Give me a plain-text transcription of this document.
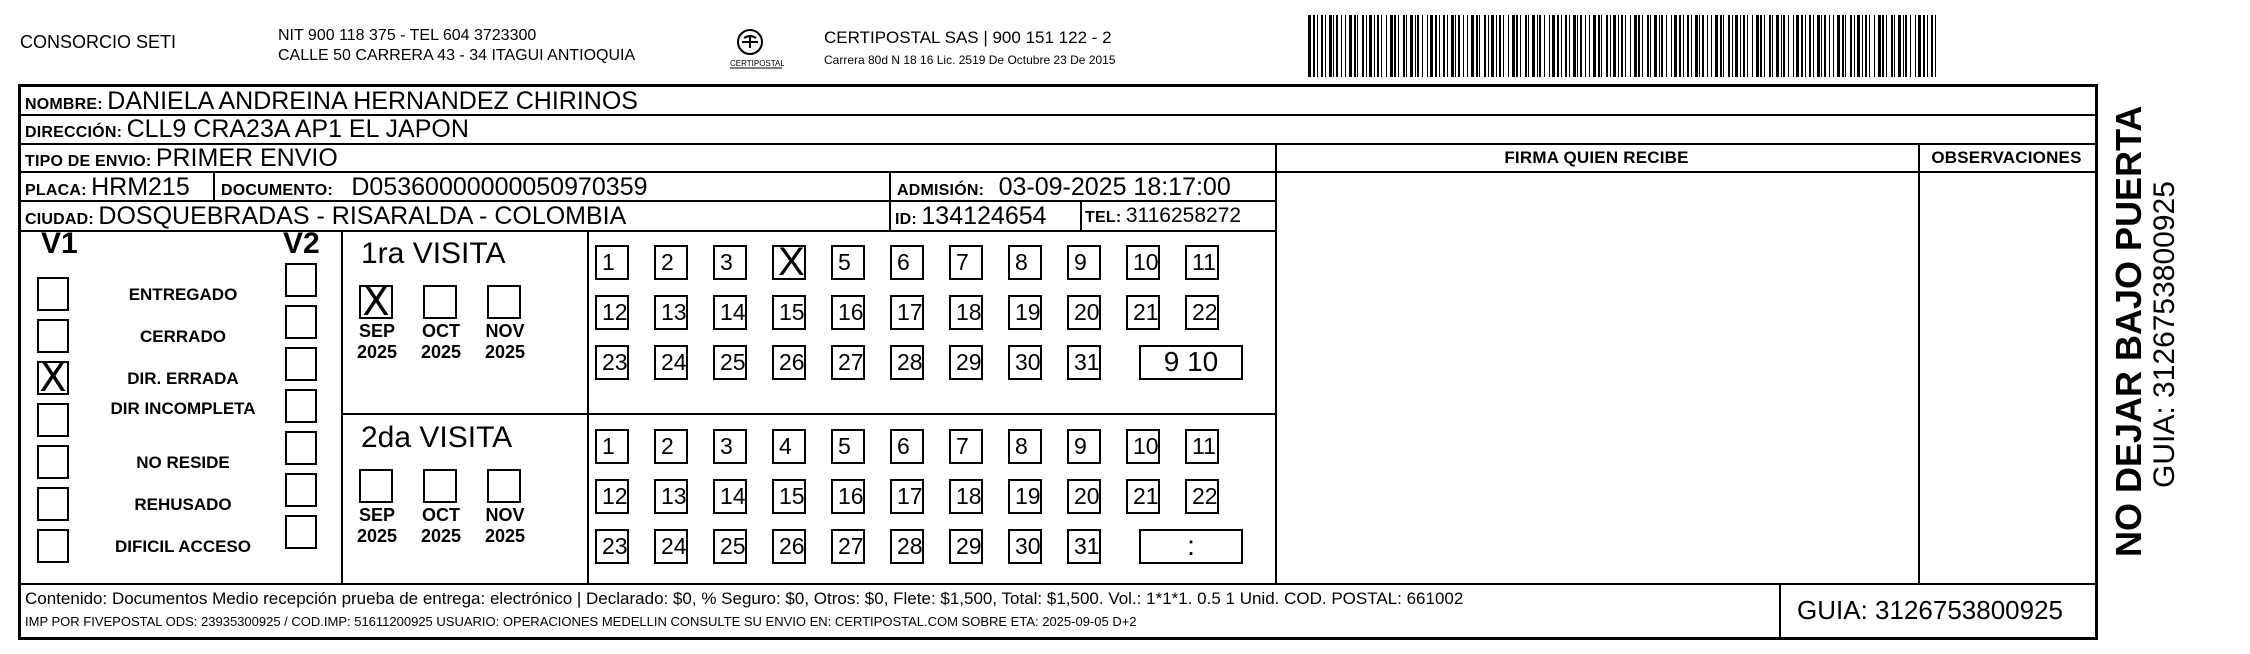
CONSORCIO SETI	NIT 900 118 375 - TEL 604 3723300
CALLE 50 CARRERA 43 - 34 ITAGUI ANTIOQUIA	CERTIPOSTAL
CERTIPOSTAL SAS | 900 151 122 - 2
Carrera 80d N 18 16 Lic. 2519 De Octubre 23 De 2015
NOMBRE: DANIELA ANDREINA HERNANDEZ CHIRINOS
DIRECCIÓN: CLL9 CRA23A AP1 EL JAPON
TIPO DE ENVIO: PRIMER ENVIO	FIRMA QUIEN RECIBE	OBSERVACIONES
PLACA: HRM215 DOCUMENTO: D05360000000050970359	ADMISIÓN: 03-09-2025 18:17:00
CIUDAD: DOSQUEBRADAS - RISARALDA - COLOMBIA	ID: 134124654 TEL: 3116258272
V1	V2
ENTREGADO
CERRADO
X	DIR. ERRADA
DIR INCOMPLETA
NO RESIDE
REHUSADO
DIFICIL ACCESO
1ra VISITA
X
SEP
2025
OCT
2025
NOV
2025
1	2	3	X	5	6	7	8	9	10	11
12	13	14	15	16	17	18	19	20	21	22
23	24	25	26	27	28	29	30	31	9 10
2da VISITA
SEP
2025
OCT
2025
NOV
2025
1	2	3	4	5	6	7	8	9	10	11
12	13	14	15	16	17	18	19	20	21	22
23	24	25	26	27	28	29	30	31	:
Contenido: Documentos Medio recepción prueba de entrega: electrónico | Declarado: $0, % Seguro: $0, Otros: $0, Flete: $1,500, Total: $1,500. Vol.: 1*1*1. 0.5 1 Unid. COD. POSTAL: 661002
IMP POR FIVEPOSTAL ODS: 23935300925 / COD.IMP: 51611200925 USUARIO: OPERACIONES MEDELLIN CONSULTE SU ENVIO EN: CERTIPOSTAL.COM SOBRE ETA: 2025-09-05 D+2	GUIA: 3126753800925
NO DEJAR BAJO PUERTA GUIA: 3126753800925
